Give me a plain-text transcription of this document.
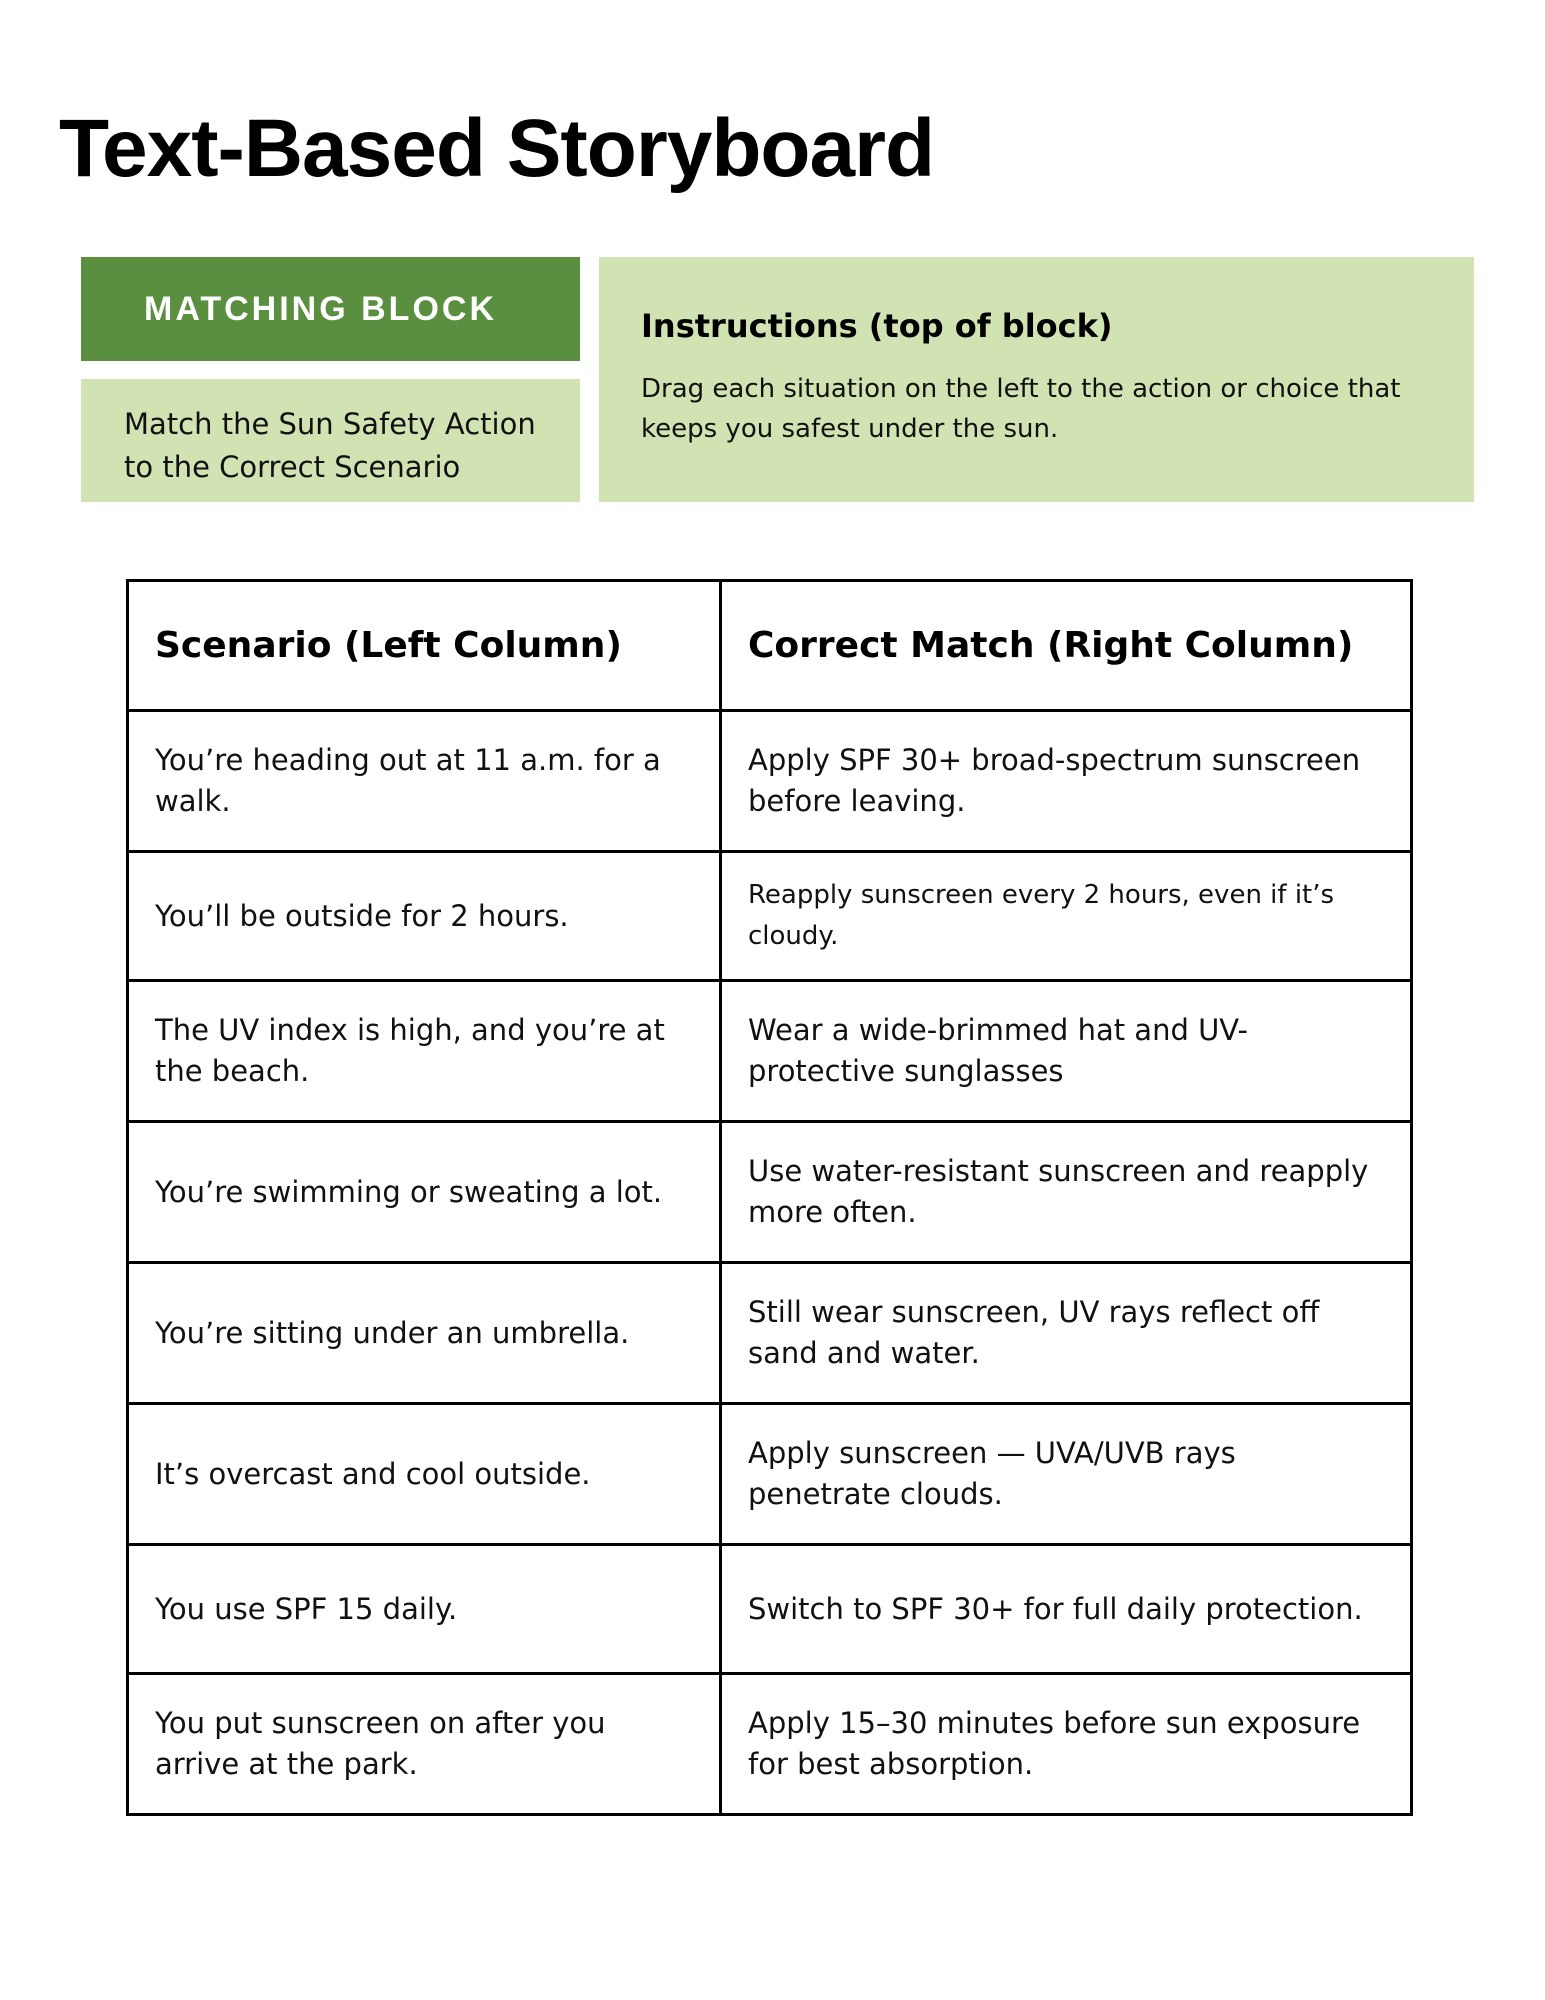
Text-Based Storyboard
MATCHING BLOCK
Match the Sun Safety Action to the Correct Scenario
Instructions (top of block)

Drag each situation on the left to the action or choice that keeps you safest under the sun.

Scenario (Left Column)	Correct Match (Right Column)
You’re heading out at 11 a.m. for a walk.	Apply SPF 30+ broad-spectrum sunscreen before leaving.
You’ll be outside for 2 hours.	Reapply sunscreen every 2 hours, even if it’s cloudy.
The UV index is high, and you’re at the beach.	Wear a wide-brimmed hat and UV-protective sunglasses
You’re swimming or sweating a lot.	Use water-resistant sunscreen and reapply more often.
You’re sitting under an umbrella.	Still wear sunscreen, UV rays reflect off sand and water.
It’s overcast and cool outside.	Apply sunscreen — UVA/UVB rays penetrate clouds.
You use SPF 15 daily.	Switch to SPF 30+ for full daily protection.
You put sunscreen on after you arrive at the park.	Apply 15–30 minutes before sun exposure for best absorption.
